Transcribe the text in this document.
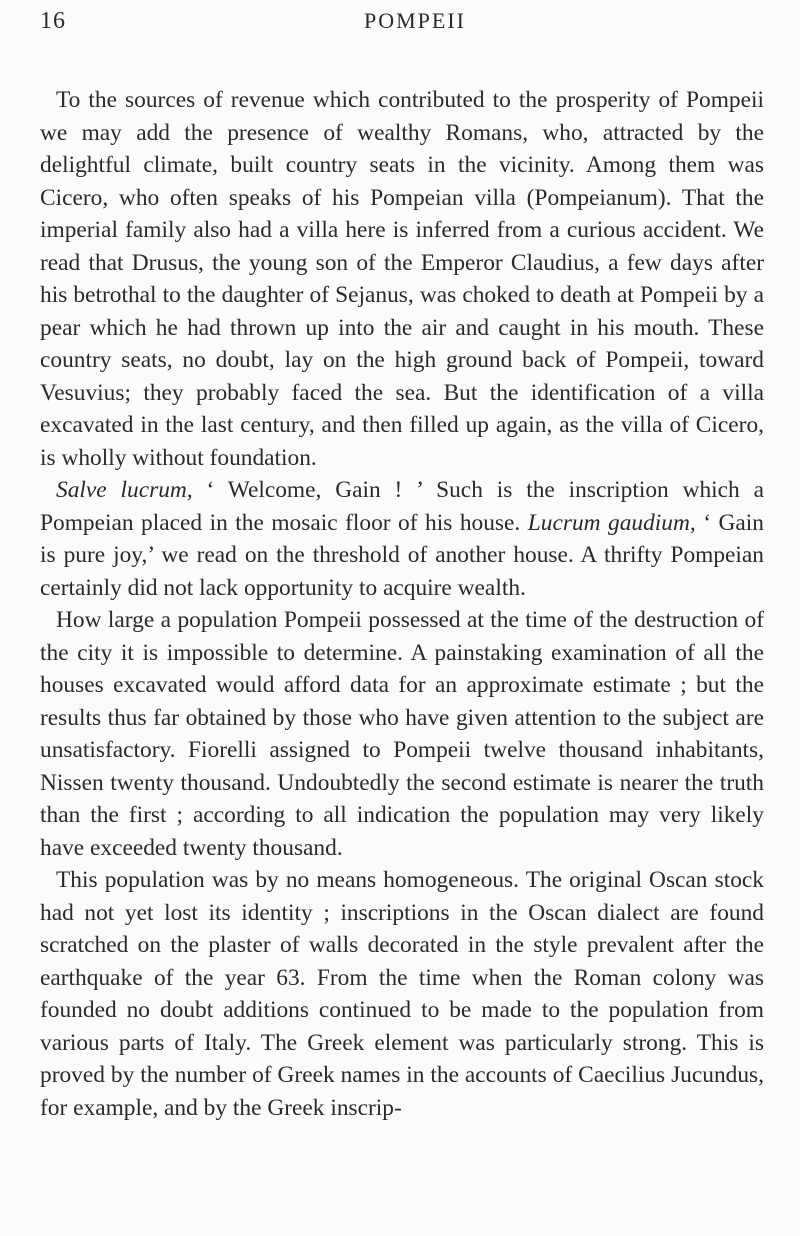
16	POMPEII

To the sources of revenue which contributed to the prosperity of Pompeii we may add the presence of wealthy Romans, who, attracted by the delightful climate, built country seats in the vicinity. Among them was Cicero, who often speaks of his Pompeian villa (Pompeianum). That the imperial family also had a villa here is inferred from a curious accident. We read that Drusus, the young son of the Emperor Claudius, a few days after his betrothal to the daughter of Sejanus, was choked to death at Pompeii by a pear which he had thrown up into the air and caught in his mouth. These country seats, no doubt, lay on the high ground back of Pompeii, toward Vesuvius; they probably faced the sea. But the identification of a villa excavated in the last century, and then filled up again, as the villa of Cicero, is wholly without foundation.

Salve lucrum, ‘ Welcome, Gain ! ’ Such is the inscription which a Pompeian placed in the mosaic floor of his house. Lucrum gaudium, ‘ Gain is pure joy,’ we read on the threshold of another house. A thrifty Pompeian certainly did not lack opportunity to acquire wealth.

How large a population Pompeii possessed at the time of the destruction of the city it is impossible to determine. A painstaking examination of all the houses excavated would afford data for an approximate estimate ; but the results thus far obtained by those who have given attention to the subject are unsatisfactory. Fiorelli assigned to Pompeii twelve thousand inhabitants, Nissen twenty thousand. Undoubtedly the second estimate is nearer the truth than the first ; according to all indication the population may very likely have exceeded twenty thousand.

This population was by no means homogeneous. The original Oscan stock had not yet lost its identity ; inscriptions in the Oscan dialect are found scratched on the plaster of walls decorated in the style prevalent after the earthquake of the year 63. From the time when the Roman colony was founded no doubt additions continued to be made to the population from various parts of Italy. The Greek element was particularly strong. This is proved by the number of Greek names in the accounts of Caecilius Jucundus, for example, and by the Greek inscrip-
